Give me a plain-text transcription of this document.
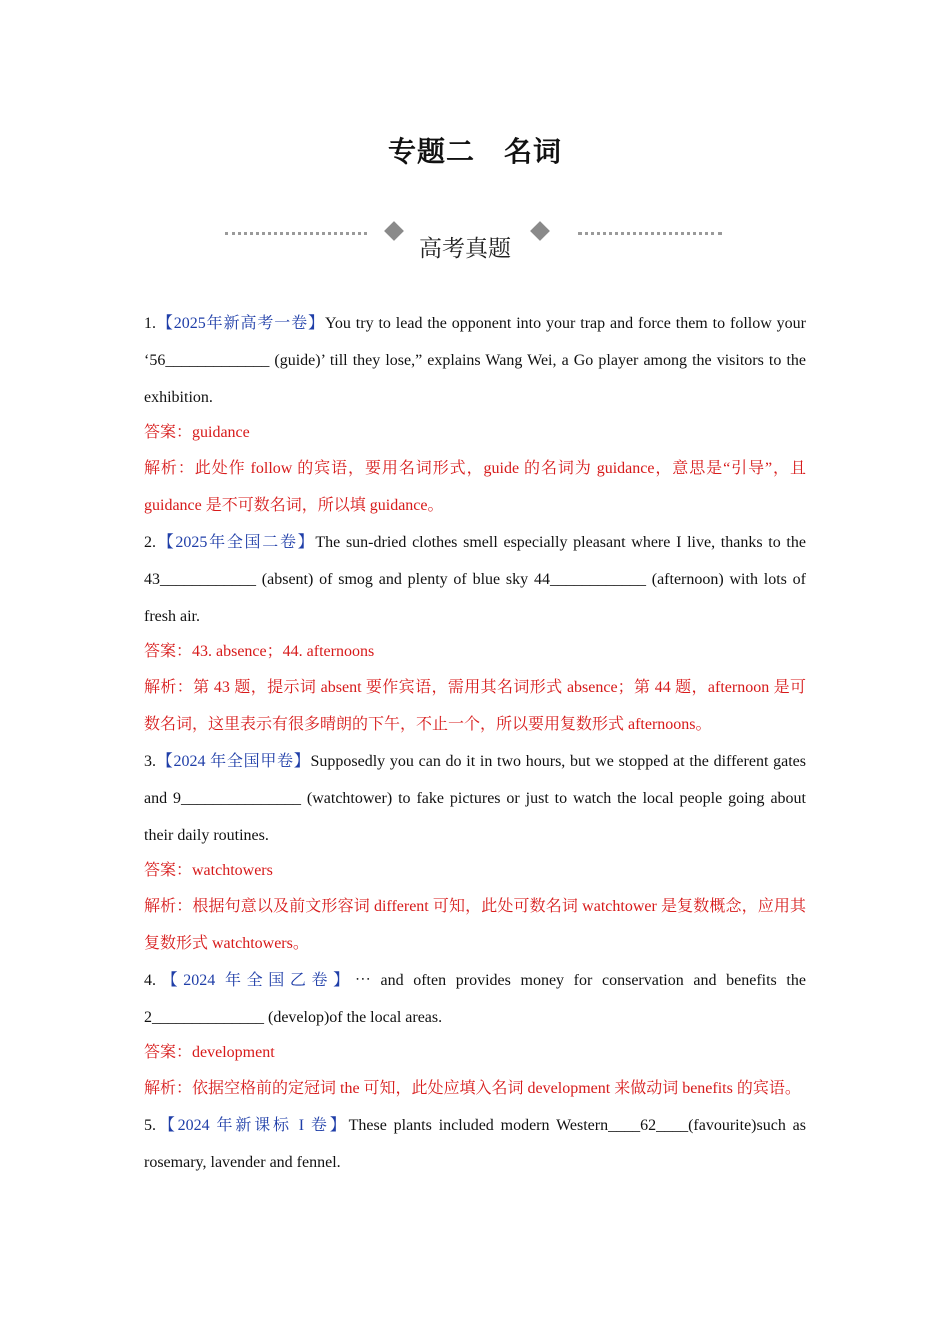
专题二　名词
高考真题
1.【2025年新高考一卷】You try to lead the opponent into your trap and force them to follow your ‘56_____________ (guide)’ till they lose,” explains Wang Wei, a Go player among the visitors to the exhibition.
答案：guidance
解析：此处作 follow 的宾语，要用名词形式，guide 的名词为 guidance，意思是“引导”，且 guidance 是不可数名词，所以填 guidance。
2.【2025年全国二卷】The sun-dried clothes smell especially pleasant where I live, thanks to the 43____________ (absent) of smog and plenty of blue sky 44____________ (afternoon) with lots of fresh air.
答案：43. absence；44. afternoons
解析：第 43 题，提示词 absent 要作宾语，需用其名词形式 absence；第 44 题，afternoon 是可数名词，这里表示有很多晴朗的下午，不止一个，所以要用复数形式 afternoons。
3.【2024 年全国甲卷】Supposedly you can do it in two hours, but we stopped at the different gates and 9_______________ (watchtower) to fake pictures or just to watch the local people going about their daily routines.
答案：watchtowers
解析：根据句意以及前文形容词 different 可知，此处可数名词 watchtower 是复数概念，应用其复数形式 watchtowers。
4.【2024 年全国乙卷】⋯ and often provides money for conservation and benefits the 2______________ (develop)of the local areas.
答案：development
解析：依据空格前的定冠词 the 可知，此处应填入名词 development 来做动词 benefits 的宾语。
5.【2024 年新课标 I 卷】These plants included modern Western____62____(favourite)such as rosemary, lavender and fennel.
